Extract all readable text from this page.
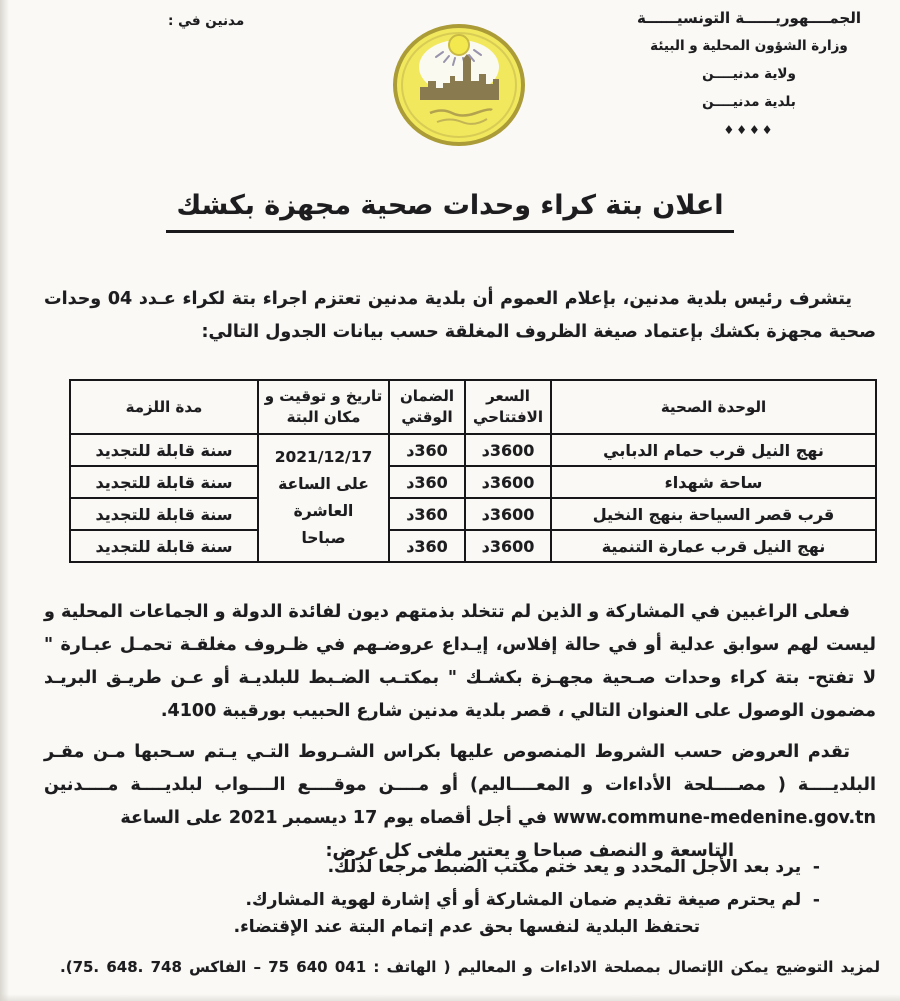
مدنين في :	الجمــــهوريــــــة التونسيــــــة
وزارة الشؤون المحلية و البيئة
ولاية مدنيــــن
بلدية مدنيــــن
♦♦♦♦
اعلان بتة كراء وحدات صحية مجهزة بكشك

يتشرف رئيس بلدية مدنين، بإعلام العموم أن بلدية مدنين تعتزم اجراء بتة لكراء عـدد 04 وحدات صحية مجهزة بكشك بإعتماد صيغة الظروف المغلقة حسب بيانات الجدول التالي:

الوحدة الصحية	السعر الافتتاحي	الضمان الوقتي	تاريخ و توقيت و مكان البتة	مدة اللزمة
نهج النيل قرب حمام الدبابي	3600د	360د	2021/12/17
على الساعة
العاشرة
صباحا	سنة قابلة للتجديد
ساحة شهداء	3600د	360د		سنة قابلة للتجديد
قرب قصر السياحة بنهج النخيل	3600د	360د		سنة قابلة للتجديد
نهج النيل قرب عمارة التنمية	3600د	360د		سنة قابلة للتجديد

فعلى الراغبين في المشاركة و الذين لم تتخلد بذمتهم ديون لفائدة الدولة و الجماعات المحلية و ليست لهم سوابق عدلية أو في حالة إفلاس، إيـداع عروضـهم في ظـروف مغلقـة تحمـل عبـارة " لا تفتح- بتة كراء وحدات صـحية مجهـزة بكشـك " بمكتـب الضـبط للبلديـة أو عـن طريـق البريـد مضمون الوصول على العنوان التالي ، قصر بلدية مدنين شارع الحبيب بورقيبة 4100.

تقدم العروض حسب الشروط المنصوص عليها بكراس الشـروط التـي يـتم سـحبها مـن مقـر البلديــــة ( مصــــلحة الأداءات و المعــــاليم) أو مــــن موقــــع الــــواب لبلديــــة مــــدنين www.commune-medenine.gov.tn في أجل أقصاه يوم 17 ديسمبر 2021 على الساعة

التاسعة و النصف صباحا و يعتبر ملغى كل عرض:

-  يرد بعد الأجل المحدد و يعد ختم مكتب الضبط مرجعا لذلك.
-  لم يحترم صيغة تقديم ضمان المشاركة أو أي إشارة لهوية المشارك.
تحتفظ البلدية لنفسها بحق عدم إتمام البتة عند الإقتضاء.
لمزيد التوضيح يمكن الإتصال بمصلحة الاداءات و المعاليم ( الهاتف : ‪75 640 041‬ – الفاكس ‪75. 648. 748‬).
